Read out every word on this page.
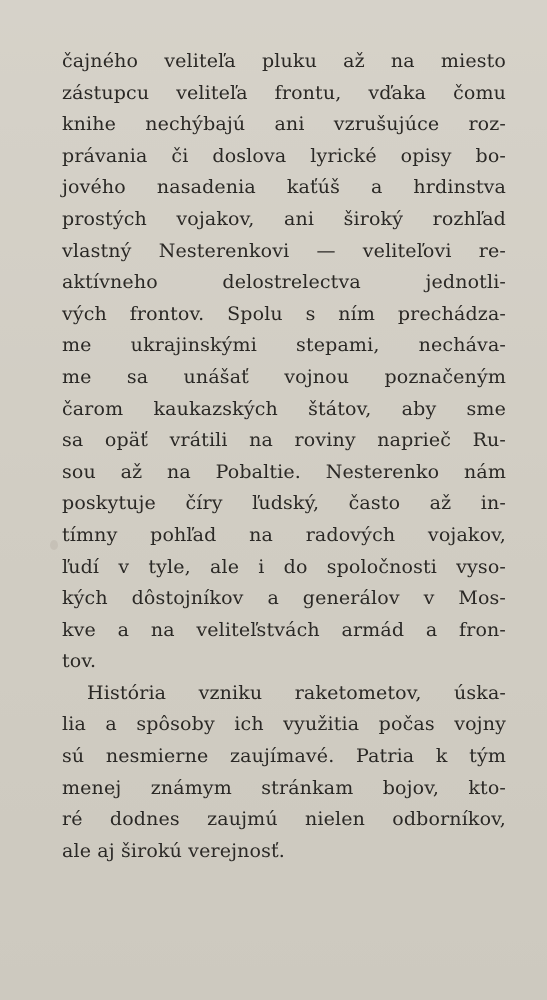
čajného veliteľa pluku až na miesto
zástupcu veliteľa frontu, vďaka čomu
knihe nechýbajú ani vzrušujúce roz-
právania či doslova lyrické opisy bo-
jového nasadenia kaťúš a hrdinstva
prostých vojakov, ani široký rozhľad
vlastný Nesterenkovi — veliteľovi re-
aktívneho delostrelectva jednotli-
vých frontov. Spolu s ním prechádza-
me ukrajinskými stepami, necháva-
me sa unášať vojnou poznačeným
čarom kaukazských štátov, aby sme
sa opäť vrátili na roviny naprieč Ru-
sou až na Pobaltie. Nesterenko nám
poskytuje číry ľudský, často až in-
tímny pohľad na radových vojakov,
ľudí v tyle, ale i do spoločnosti vyso-
kých dôstojníkov a generálov v Mos-
kve a na veliteľstvách armád a fron-
tov.
História vzniku raketometov, úska-
lia a spôsoby ich využitia počas vojny
sú nesmierne zaujímavé. Patria k tým
menej známym stránkam bojov, kto-
ré dodnes zaujmú nielen odborníkov,
ale aj širokú verejnosť.
